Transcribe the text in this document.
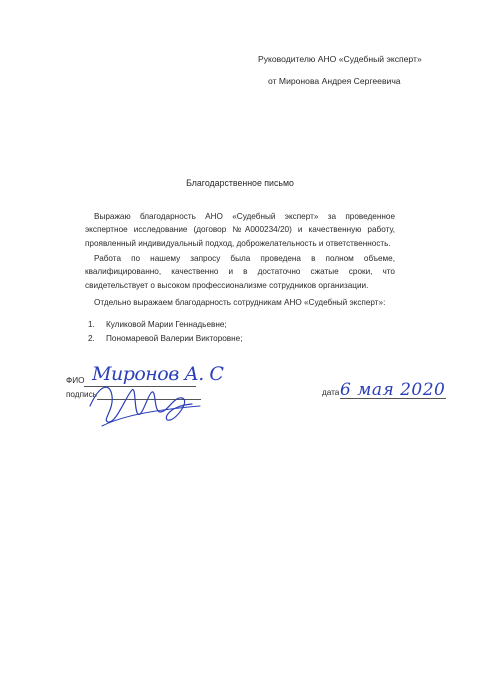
Руководителю АНО «Судебный эксперт»
от Миронова Андрея Сергеевича
Благодарственное письмо
Выражаю благодарность АНО «Судебный эксперт» за проведенное экспертное исследование (договор №А000234/20) и качественную работу, проявленный индивидуальный подход, доброжелательность и ответственность.
Работа по нашему запросу была проведена в полном объеме, квалифицированно, качественно и в достаточно сжатые сроки, что свидетельствует о высоком профессионализме сотрудников организации.
Отдельно выражаем благодарность сотрудникам АНО «Судебный эксперт»:
1. Куликовой Марии Геннадьевне;
2. Пономаревой Валерии Викторовне;
ФИО Миронов А. С
подпись	дата 6 мая 2020
